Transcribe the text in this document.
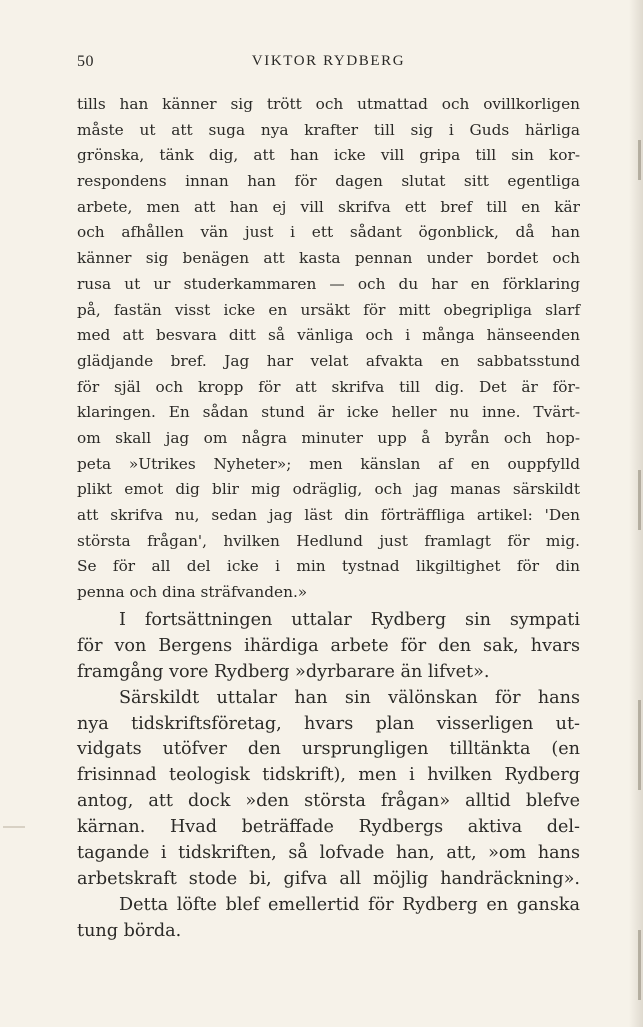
50	VIKTOR RYDBERG
tills han känner sig trött och utmattad och ovillkorligen
måste ut att suga nya krafter till sig i Guds härliga
grönska, tänk dig, att han icke vill gripa till sin kor-
respondens innan han för dagen slutat sitt egentliga
arbete, men att han ej vill skrifva ett bref till en kär
och afhållen vän just i ett sådant ögonblick, då han
känner sig benägen att kasta pennan under bordet och
rusa ut ur studerkammaren — och du har en förklaring
på, fastän visst icke en ursäkt för mitt obegripliga slarf
med att besvara ditt så vänliga och i många hänseenden
glädjande bref. Jag har velat afvakta en sabbatsstund
för själ och kropp för att skrifva till dig. Det är för-
klaringen. En sådan stund är icke heller nu inne. Tvärt-
om skall jag om några minuter upp å byrån och hop-
peta »Utrikes Nyheter»; men känslan af en ouppfylld
plikt emot dig blir mig odräglig, och jag manas särskildt
att skrifva nu, sedan jag läst din förträffliga artikel: 'Den
största frågan', hvilken Hedlund just framlagt för mig.
Se för all del icke i min tystnad likgiltighet för din
penna och dina sträfvanden.»
I fortsättningen uttalar Rydberg sin sympati
för von Bergens ihärdiga arbete för den sak, hvars
framgång vore Rydberg »dyrbarare än lifvet».
Särskildt uttalar han sin välönskan för hans
nya tidskriftsföretag, hvars plan visserligen ut-
vidgats utöfver den ursprungligen tilltänkta (en
frisinnad teologisk tidskrift), men i hvilken Rydberg
antog, att dock »den största frågan» alltid blefve
kärnan. Hvad beträffade Rydbergs aktiva del-
tagande i tidskriften, så lofvade han, att, »om hans
arbetskraft stode bi, gifva all möjlig handräckning».
Detta löfte blef emellertid för Rydberg en ganska
tung börda.
